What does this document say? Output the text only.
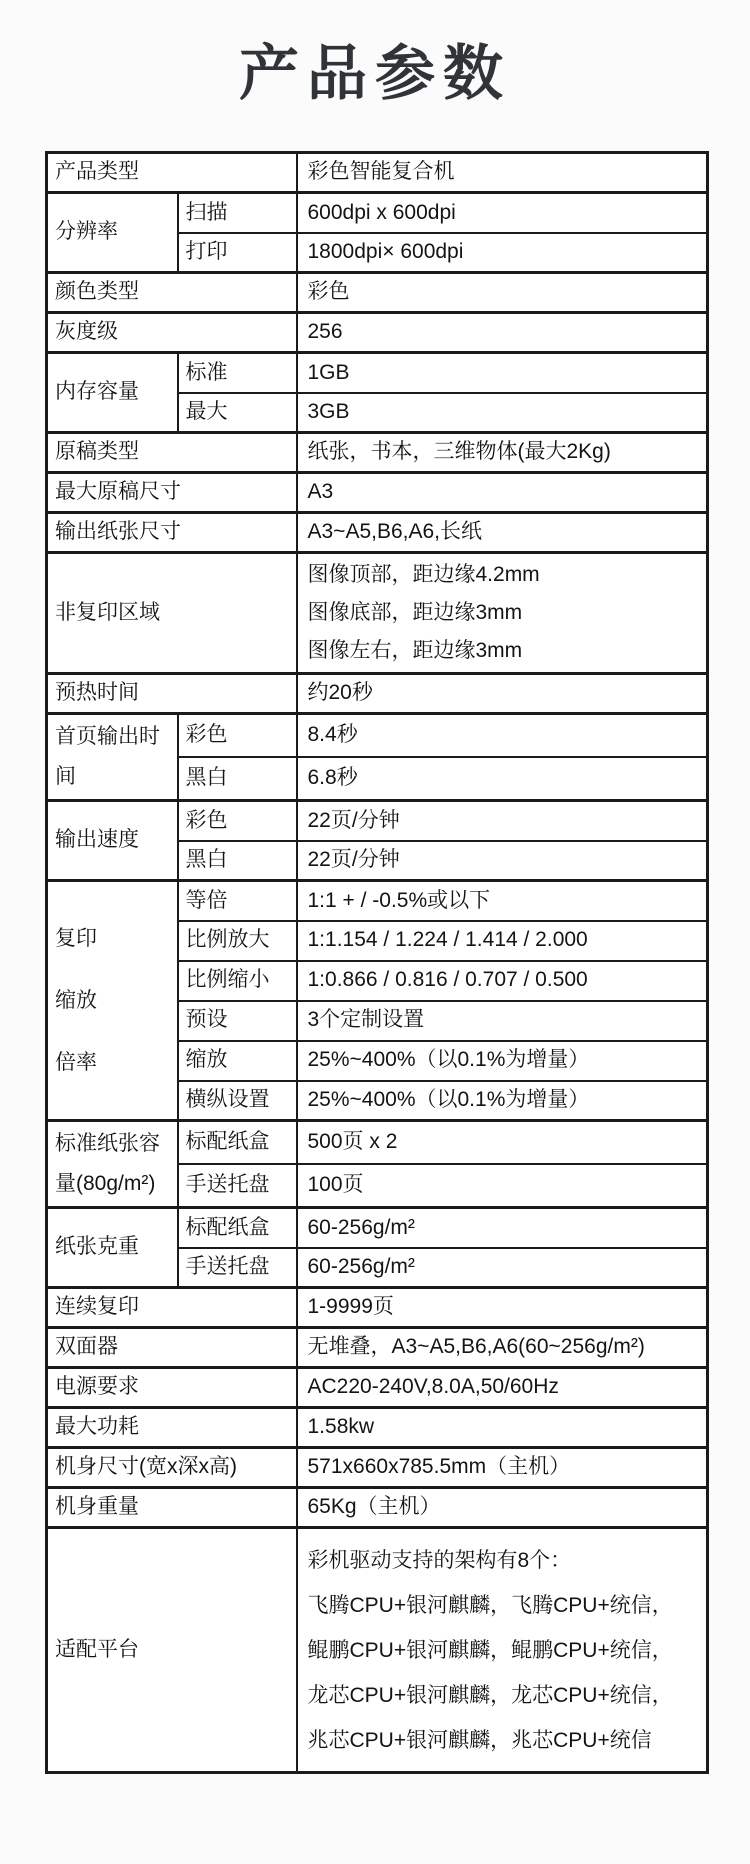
产品参数
产品类型		彩色智能复合机
分辨率	扫描	600dpi x 600dpi
	打印	1800dpi× 600dpi
颜色类型		彩色
灰度级		256
内存容量	标准	1GB
	最大	3GB
原稿类型		纸张，书本，三维物体(最大2Kg)
最大原稿尺寸		A3
输出纸张尺寸		A3~A5,B6,A6,长纸
非复印区域		图像顶部，距边缘4.2mm
图像底部，距边缘3mm
图像左右，距边缘3mm

预热时间		约20秒
首页输出时间	彩色	8.4秒
	黑白	6.8秒
输出速度	彩色	22页/分钟
	黑白	22页/分钟

复印
缩放
倍率	等倍	1:1 + / -0.5%或以下
	比例放大	1:1.154 / 1.224 / 1.414 / 2.000
	比例缩小	1:0.866 / 0.816 / 0.707 / 0.500
	预设	3个定制设置
	缩放	25%~400%（以0.1%为增量）
	横纵设置	25%~400%（以0.1%为增量）
标准纸张容量(80g/m²)	标配纸盒	500页 x 2
	手送托盘	100页
纸张克重	标配纸盒	60-256g/m²
	手送托盘	60-256g/m²
连续复印		1-9999页
双面器		无堆叠，A3~A5,B6,A6(60~256g/m²)
电源要求		AC220-240V,8.0A,50/60Hz
最大功耗		1.58kw
机身尺寸(宽x深x高)		571x660x785.5mm（主机）
机身重量		65Kg（主机）
适配平台		彩机驱动支持的架构有8个：
飞腾CPU+银河麒麟，飞腾CPU+统信，
鲲鹏CPU+银河麒麟，鲲鹏CPU+统信，
龙芯CPU+银河麒麟，龙芯CPU+统信，
兆芯CPU+银河麒麟，兆芯CPU+统信
